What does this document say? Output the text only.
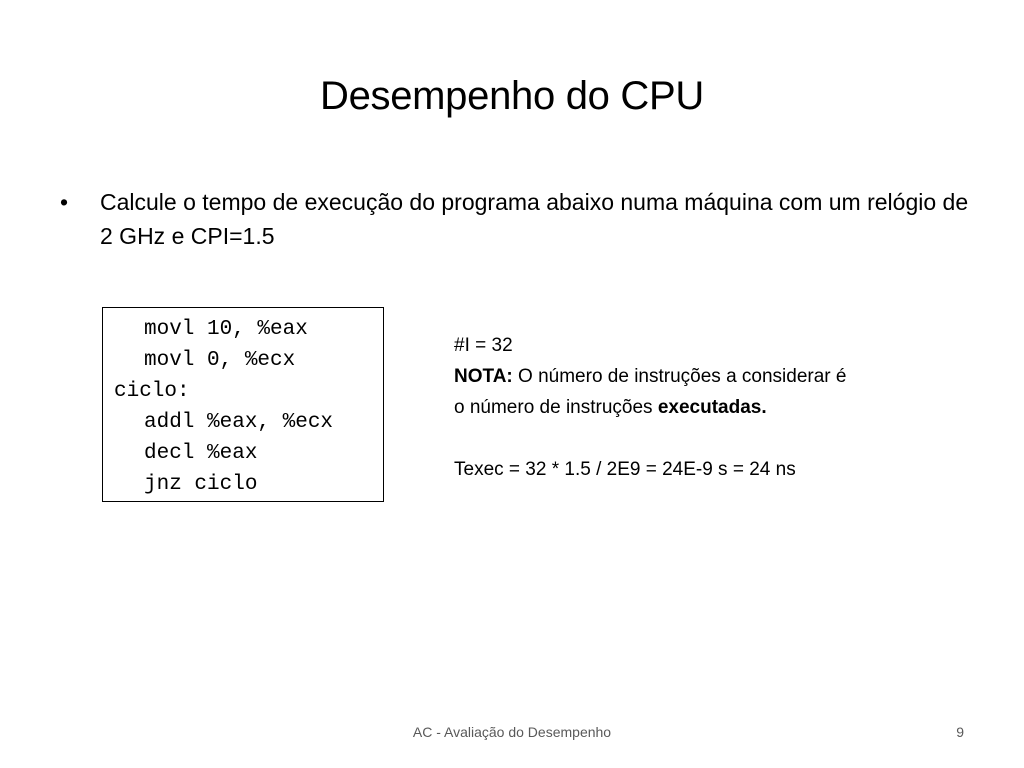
Desempenho do CPU
• Calcule o tempo de execução do programa abaixo numa máquina com um relógio de 2 GHz e CPI=1.5
movl 10, %eax
movl 0, %ecx
ciclo:
addl %eax, %ecx
decl %eax
jnz ciclo

#I = 32

NOTA: O número de instruções a considerar é

o número de instruções executadas.

Texec = 32 * 1.5 / 2E9 = 24E-9 s = 24 ns

AC - Avaliação do Desempenho	9
